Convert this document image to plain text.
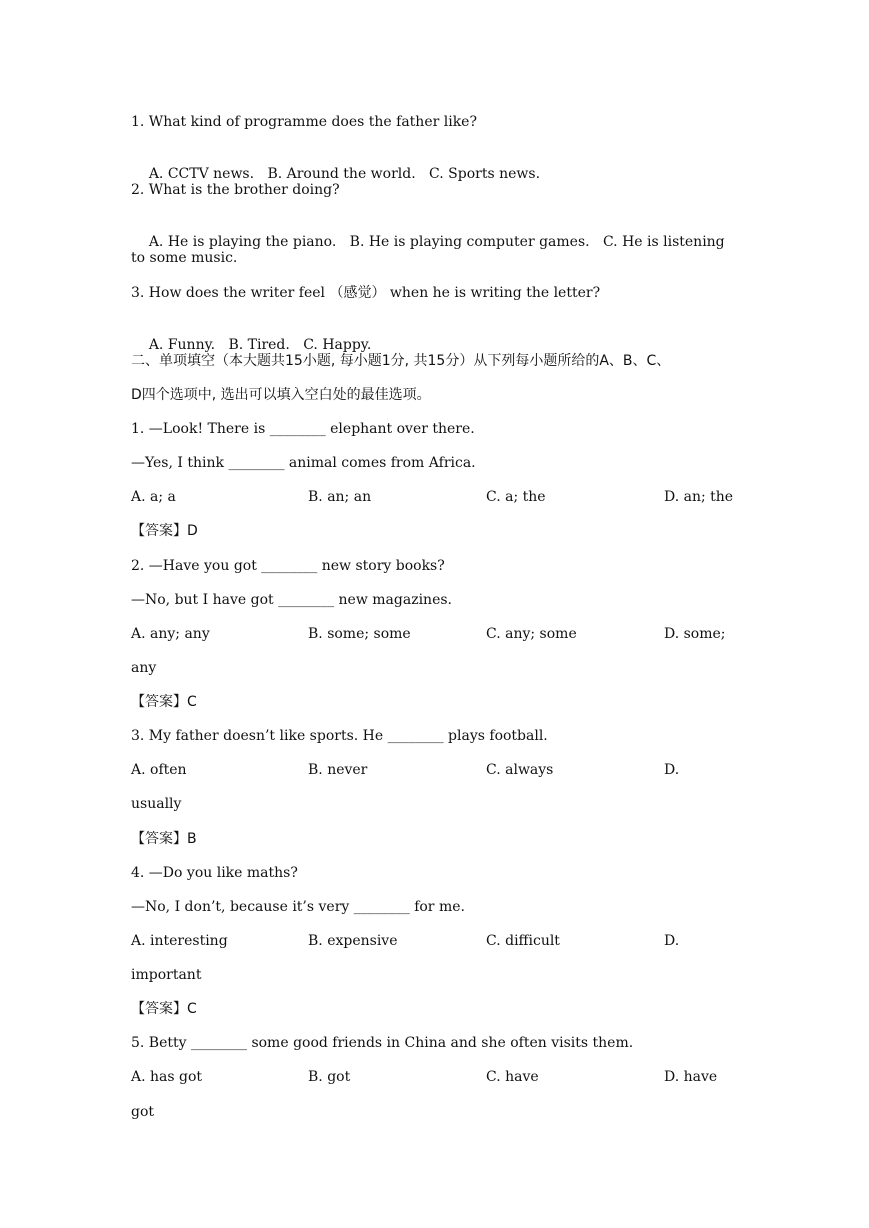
1. What kind of programme does the father like?

A. CCTV news. B. Around the world. C. Sports news.

2. What is the brother doing?

A. He is playing the piano. B. He is playing computer games. C. He is listening

to some music.
3. How does the writer feel （感觉） when he is writing the letter?

A. Funny. B. Tired. C. Happy.

二、单项填空（本大题共15小题, 每小题1分, 共15分）从下列每小题所给的A、B、C、
D四个选项中, 选出可以填入空白处的最佳选项。
1. —Look! There is ________ elephant over there.
—Yes, I think ________ animal comes from Africa.
A. a; a	B. an; an	C. a; the	D. an; the
【答案】D
2. —Have you got ________ new story books?
—No, but I have got ________ new magazines.
A. any; any	B. some; some	C. any; some	D. some;
any
【答案】C
3. My father doesn’t like sports. He ________ plays football.
A. often	B. never	C. always	D.
usually
【答案】B
4. —Do you like maths?
—No, I don’t, because it’s very ________ for me.
A. interesting	B. expensive	C. difficult	D.
important
【答案】C
5. Betty ________ some good friends in China and she often visits them.
A. has got	B. got	C. have	D. have
got
